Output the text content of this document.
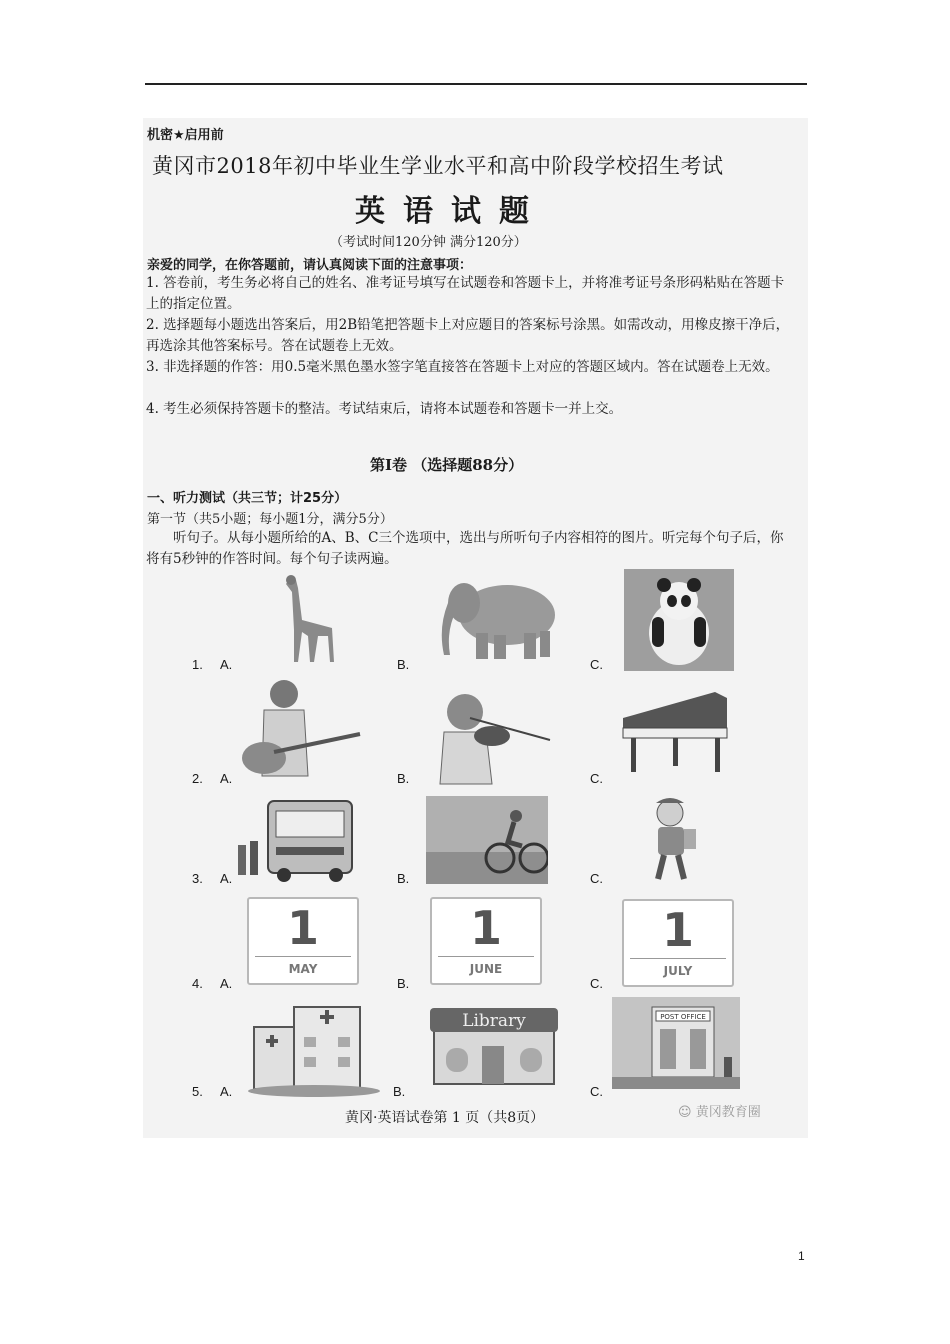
机密★启用前
黄冈市2018年初中毕业生学业水平和高中阶段学校招生考试
英语试题
（考试时间120分钟 满分120分）
亲爱的同学，在你答题前，请认真阅读下面的注意事项：
1. 答卷前，考生务必将自己的姓名、准考证号填写在试题卷和答题卡上，并将准考证号条形码粘贴在答题卡上的指定位置。
2. 选择题每小题选出答案后，用2B铅笔把答题卡上对应题目的答案标号涂黑。如需改动，用橡皮擦干净后，再选涂其他答案标号。答在试题卷上无效。
3. 非选择题的作答：用0.5毫米黑色墨水签字笔直接答在答题卡上对应的答题区域内。答在试题卷上无效。
4. 考生必须保持答题卡的整洁。考试结束后，请将本试题卷和答题卡一并上交。
第Ⅰ卷 （选择题88分）
一、听力测试（共三节；计25分）
第一节（共5小题；每小题1分，满分5分）
听句子。从每小题所给的A、B、C三个选项中，选出与所听句子内容相符的图片。听完每个句子后，你将有5秒钟的作答时间。每个句子读两遍。
1. A.	B.	C.
2. A.	B.	C.
3. A.	B.	C.
4. A.	B.	C.
1
MAY
1
JUNE
1
JULY
5. A.	B.	C.
Library	POST OFFICE
黄冈·英语试卷第 1 页（共8页）	☺ 黄冈教育圈
1
